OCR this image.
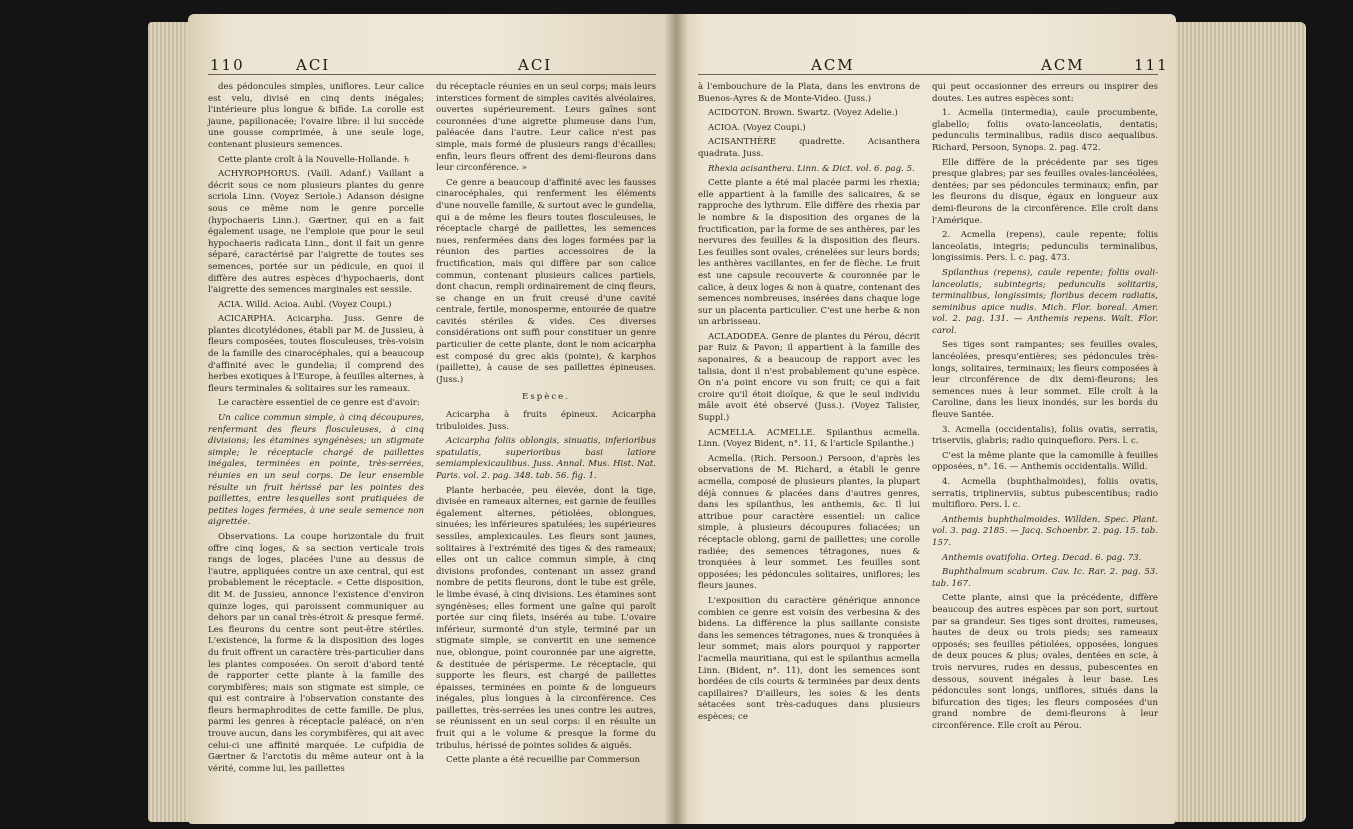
110	ACI	ACI

des pédoncules simples, uniflores. Leur calice est velu, divisé en cinq dents inégales; l'intérieure plus longue & bifide. La corolle est jaune, papilionacée; l'ovaire libre: il lui succède une gousse comprimée, à une seule loge, contenant plusieurs semences.

Cette plante croît à la Nouvelle-Hollande. ♄

ACHYROPHORUS. (Vaill. Adanf.) Vaillant a décrit sous ce nom plusieurs plantes du genre scriola Linn. (Voyez Seriole.) Adanson désigne sous ce même nom le genre porcelle (hypochaeris Linn.). Gærtner, qui en a fait également usage, ne l'emploie que pour le seul hypochaeris radicata Linn., dont il fait un genre séparé, caractérisé par l'aigrette de toutes ses semences, portée sur un pédicule, en quoi il diffère des autres espèces d'hypochaeris, dont l'aigrette des semences marginales est sessile.

ACIA. Willd. Acioa. Aubl. (Voyez Coupi.)

ACICARPHA. Acicarpha. Juss. Genre de plantes dicotylédones, établi par M. de Jussieu, à fleurs composées, toutes flosculeuses, très-voisin de la famille des cinarocéphales, qui a beaucoup d'affinité avec le gundelia; il comprend des herbes exotiques à l'Europe, à feuilles alternes, à fleurs terminales & solitaires sur les rameaux.

Le caractère essentiel de ce genre est d'avoir:

Un calice commun simple, à cinq découpures, renfermant des fleurs flosculeuses, à cinq divisions; les étamines syngénèses; un stigmate simple; le réceptacle chargé de paillettes inégales, terminées en pointe, très-serrées, réunies en un seul corps. De leur ensemble résulte un fruit hérissé par les pointes des paillettes, entre lesquelles sont pratiquées de petites loges fermées, à une seule semence non aigrettée.

Observations. La coupe horizontale du fruit offre cinq loges, & sa section verticale trois rangs de loges, placées l'une au dessus de l'autre, appliquées contre un axe central, qui est probablement le réceptacle. « Cette disposition, dit M. de Jussieu, annonce l'existence d'environ quinze loges, qui paroissent communiquer au dehors par un canal très-étroit & presque fermé. Les fleurons du centre sont peut-être stériles. L'existence, la forme & la disposition des loges du fruit offrent un caractère très-particulier dans les plantes composées. On seroit d'abord tenté de rapporter cette plante à la famille des corymbifères; mais son stigmate est simple, ce qui est contraire à l'observation constante des fleurs hermaphrodites de cette famille. De plus, parmi les genres à réceptacle paléacé, on n'en trouve aucun, dans les corymbifères, qui ait avec celui-ci une affinité marquée. Le cufpidia de Gærtner & l'arctotis du même auteur ont à la vérité, comme lui, les paillettes

du réceptacle réunies en un seul corps; mais leurs interstices forment de simples cavités alvéolaires, ouvertes supérieurement. Leurs gaînes sont couronnées d'une aigrette plumeuse dans l'un, paléacée dans l'autre. Leur calice n'est pas simple, mais formé de plusieurs rangs d'écailles; enfin, leurs fleurs offrent des demi-fleurons dans leur circonférence. »

Ce genre a beaucoup d'affinité avec les fausses cinarocéphales, qui renferment les éléments d'une nouvelle famille, & surtout avec le gundelia, qui a de même les fleurs toutes flosculeuses, le réceptacle chargé de paillettes, les semences nues, renfermées dans des loges formées par la réunion des parties accessoires de la fructification, mais qui diffère par son calice commun, contenant plusieurs calices partiels, dont chacun, rempli ordinairement de cinq fleurs, se change en un fruit creusé d'une cavité centrale, fertile, monosperme, entourée de quatre cavités stériles & vides. Ces diverses considérations ont suffi pour constituer un genre particulier de cette plante, dont le nom acicarpha est composé du grec akis (pointe), & karphos (paillette), à cause de ses paillettes épineuses. (Juss.)

Espèce.

Acicarpha à fruits épineux. Acicarpha tribuloides. Juss.

Acicarpha foliis oblongis, sinuatis, inferioribus spatulatis, superioribus basi latiore semiamplexicaulibus. Juss. Annal. Mus. Hist. Nat. Paris. vol. 2. pag. 348. tab. 56. fig. 1.

Plante herbacée, peu élevée, dont la tige, divisée en rameaux alternes, est garnie de feuilles également alternes, pétiolées, oblongues, sinuées; les inférieures spatulées; les supérieures sessiles, amplexicaules. Les fleurs sont jaunes, solitaires à l'extrémité des tiges & des rameaux; elles ont un calice commun simple, à cinq divisions profondes, contenant un assez grand nombre de petits fleurons, dont le tube est grêle, le limbe évasé, à cinq divisions. Les étamines sont syngénèses; elles forment une gaîne qui paroît portée sur cinq filets, insérés au tube. L'ovaire inférieur, surmonté d'un style, terminé par un stigmate simple, se convertit en une semence nue, oblongue, point couronnée par une aigrette, & destituée de périsperme. Le réceptacle, qui supporte les fleurs, est chargé de paillettes épaisses, terminées en pointe & de longueurs inégales, plus longues à la circonférence. Ces paillettes, très-serrées les unes contre les autres, se réunissent en un seul corps: il en résulte un fruit qui a le volume & presque la forme du tribulus, hérissé de pointes solides & aiguës.

Cette plante a été recueillie par Commerson

ACM	ACM	111

à l'embouchure de la Plata, dans les environs de Buenos-Ayres & de Monte-Video. (Juss.)

ACIDOTON. Brown. Swartz. (Voyez Adelie.)

ACIOA. (Voyez Coupi.)

ACISANTHÈRE quadrette. Acisanthera quadrata. Juss.

Rhexia acisanthera. Linn. & Dict. vol. 6. pag. 5.

Cette plante a été mal placée parmi les rhexia; elle appartient à la famille des salicaires, & se rapproche des lythrum. Elle diffère des rhexia par le nombre & la disposition des organes de la fructification, par la forme de ses anthères, par les nervures des feuilles & la disposition des fleurs. Les feuilles sont ovales, crénelées sur leurs bords; les anthères vacillantes, en fer de flèche. Le fruit est une capsule recouverte & couronnée par le calice, à deux loges & non à quatre, contenant des semences nombreuses, insérées dans chaque loge sur un placenta particulier. C'est une herbe & non un arbrisseau.

ACLADODEA. Genre de plantes du Pérou, décrit par Ruiz & Pavon; il appartient à la famille des saponaires, & a beaucoup de rapport avec les talisia, dont il n'est probablement qu'une espèce. On n'a point encore vu son fruit; ce qui a fait croire qu'il étoit dioïque, & que le seul individu mâle avoit été observé (Juss.). (Voyez Talisier, Suppl.)

ACMELLA. ACMELLE. Spilanthus acmella. Linn. (Voyez Bident, n°. 11, & l'article Spilanthe.)

Acmella. (Rich. Persoon.) Persoon, d'après les observations de M. Richard, a établi le genre acmella, composé de plusieurs plantes, la plupart déjà connues & placées dans d'autres genres, dans les spilanthus, les anthemis, &c. Il lui attribue pour caractère essentiel: un calice simple, à plusieurs découpures foliacées; un réceptacle oblong, garni de paillettes; une corolle radiée; des semences tétragones, nues & tronquées à leur sommet. Les feuilles sont opposées; les pédoncules solitaires, uniflores; les fleurs jaunes.

L'exposition du caractère générique annonce combien ce genre est voisin des verbesina & des bidens. La différence la plus saillante consiste dans les semences tétragones, nues & tronquées à leur sommet; mais alors pourquoi y rapporter l'acmella mauritiana, qui est le spilanthus acmella Linn. (Bident, n°. 11), dont les semences sont bordées de cils courts & terminées par deux dents capillaires? D'ailleurs, les soies & les dents sétacées sont très-caduques dans plusieurs espèces; ce

qui peut occasionner des erreurs ou inspirer des doutes. Les autres espèces sont:

1. Acmella (intermedia), caule procumbente, glabello; foliis ovato-lanceolatis, dentatis; pedunculis terminalibus, radiis disco aequalibus. Richard, Persoon, Synops. 2. pag. 472.

Elle diffère de la précédente par ses tiges presque glabres; par ses feuilles ovales-lancéolées, dentées; par ses pédoncules terminaux; enfin, par les fleurons du disque, égaux en longueur aux demi-fleurons de la circonférence. Elle croît dans l'Amérique.

2. Acmella (repens), caule repente; foliis lanceolatis, integris; pedunculis terminalibus, longissimis. Pers. l. c. pag. 473.

Spilanthus (repens), caule repente; foliis ovali-lanceolatis, subintegris; pedunculis solitariis, terminalibus, longissimis; floribus decem radiatis, seminibus apice nudis. Mich. Flor. boreal. Amer. vol. 2. pag. 131. — Anthemis repens. Walt. Flor. carol.

Ses tiges sont rampantes; ses feuilles ovales, lancéolées, presqu'entières; ses pédoncules très-longs, solitaires, terminaux; les fleurs composées à leur circonférence de dix demi-fleurons; les semences nues à leur sommet. Elle croît à la Caroline, dans les lieux inondés, sur les bords du fleuve Santée.

3. Acmella (occidentalis), foliis ovatis, serratis, triserviis, glabris; radio quinquefloro. Pers. l. c.

C'est la même plante que la camomille à feuilles opposées, n°. 16. — Anthemis occidentalis. Willd.

4. Acmella (buphthalmoides), foliis ovatis, serratis, triplinerviis, subtus pubescentibus; radio multifloro. Pers. l. c.

Anthemis buphthalmoides. Willden. Spec. Plant. vol. 3. pag. 2185. — Jacq. Schoenbr. 2. pag. 15. tab. 157.

Anthemis ovatifolia. Orteg. Decad. 6. pag. 73.

Buphthalmum scabrum. Cav. Ic. Rar. 2. pag. 53. tab. 167.

Cette plante, ainsi que la précédente, diffère beaucoup des autres espèces par son port, surtout par sa grandeur. Ses tiges sont droites, rameuses, hautes de deux ou trois pieds; ses rameaux opposés; ses feuilles pétiolées, opposées, longues de deux pouces & plus; ovales, dentées en scie, à trois nervures, rudes en dessus, pubescentes en dessous, souvent inégales à leur base. Les pédoncules sont longs, uniflores, situés dans la bifurcation des tiges; les fleurs composées d'un grand nombre de demi-fleurons à leur circonférence. Elle croît au Pérou.
